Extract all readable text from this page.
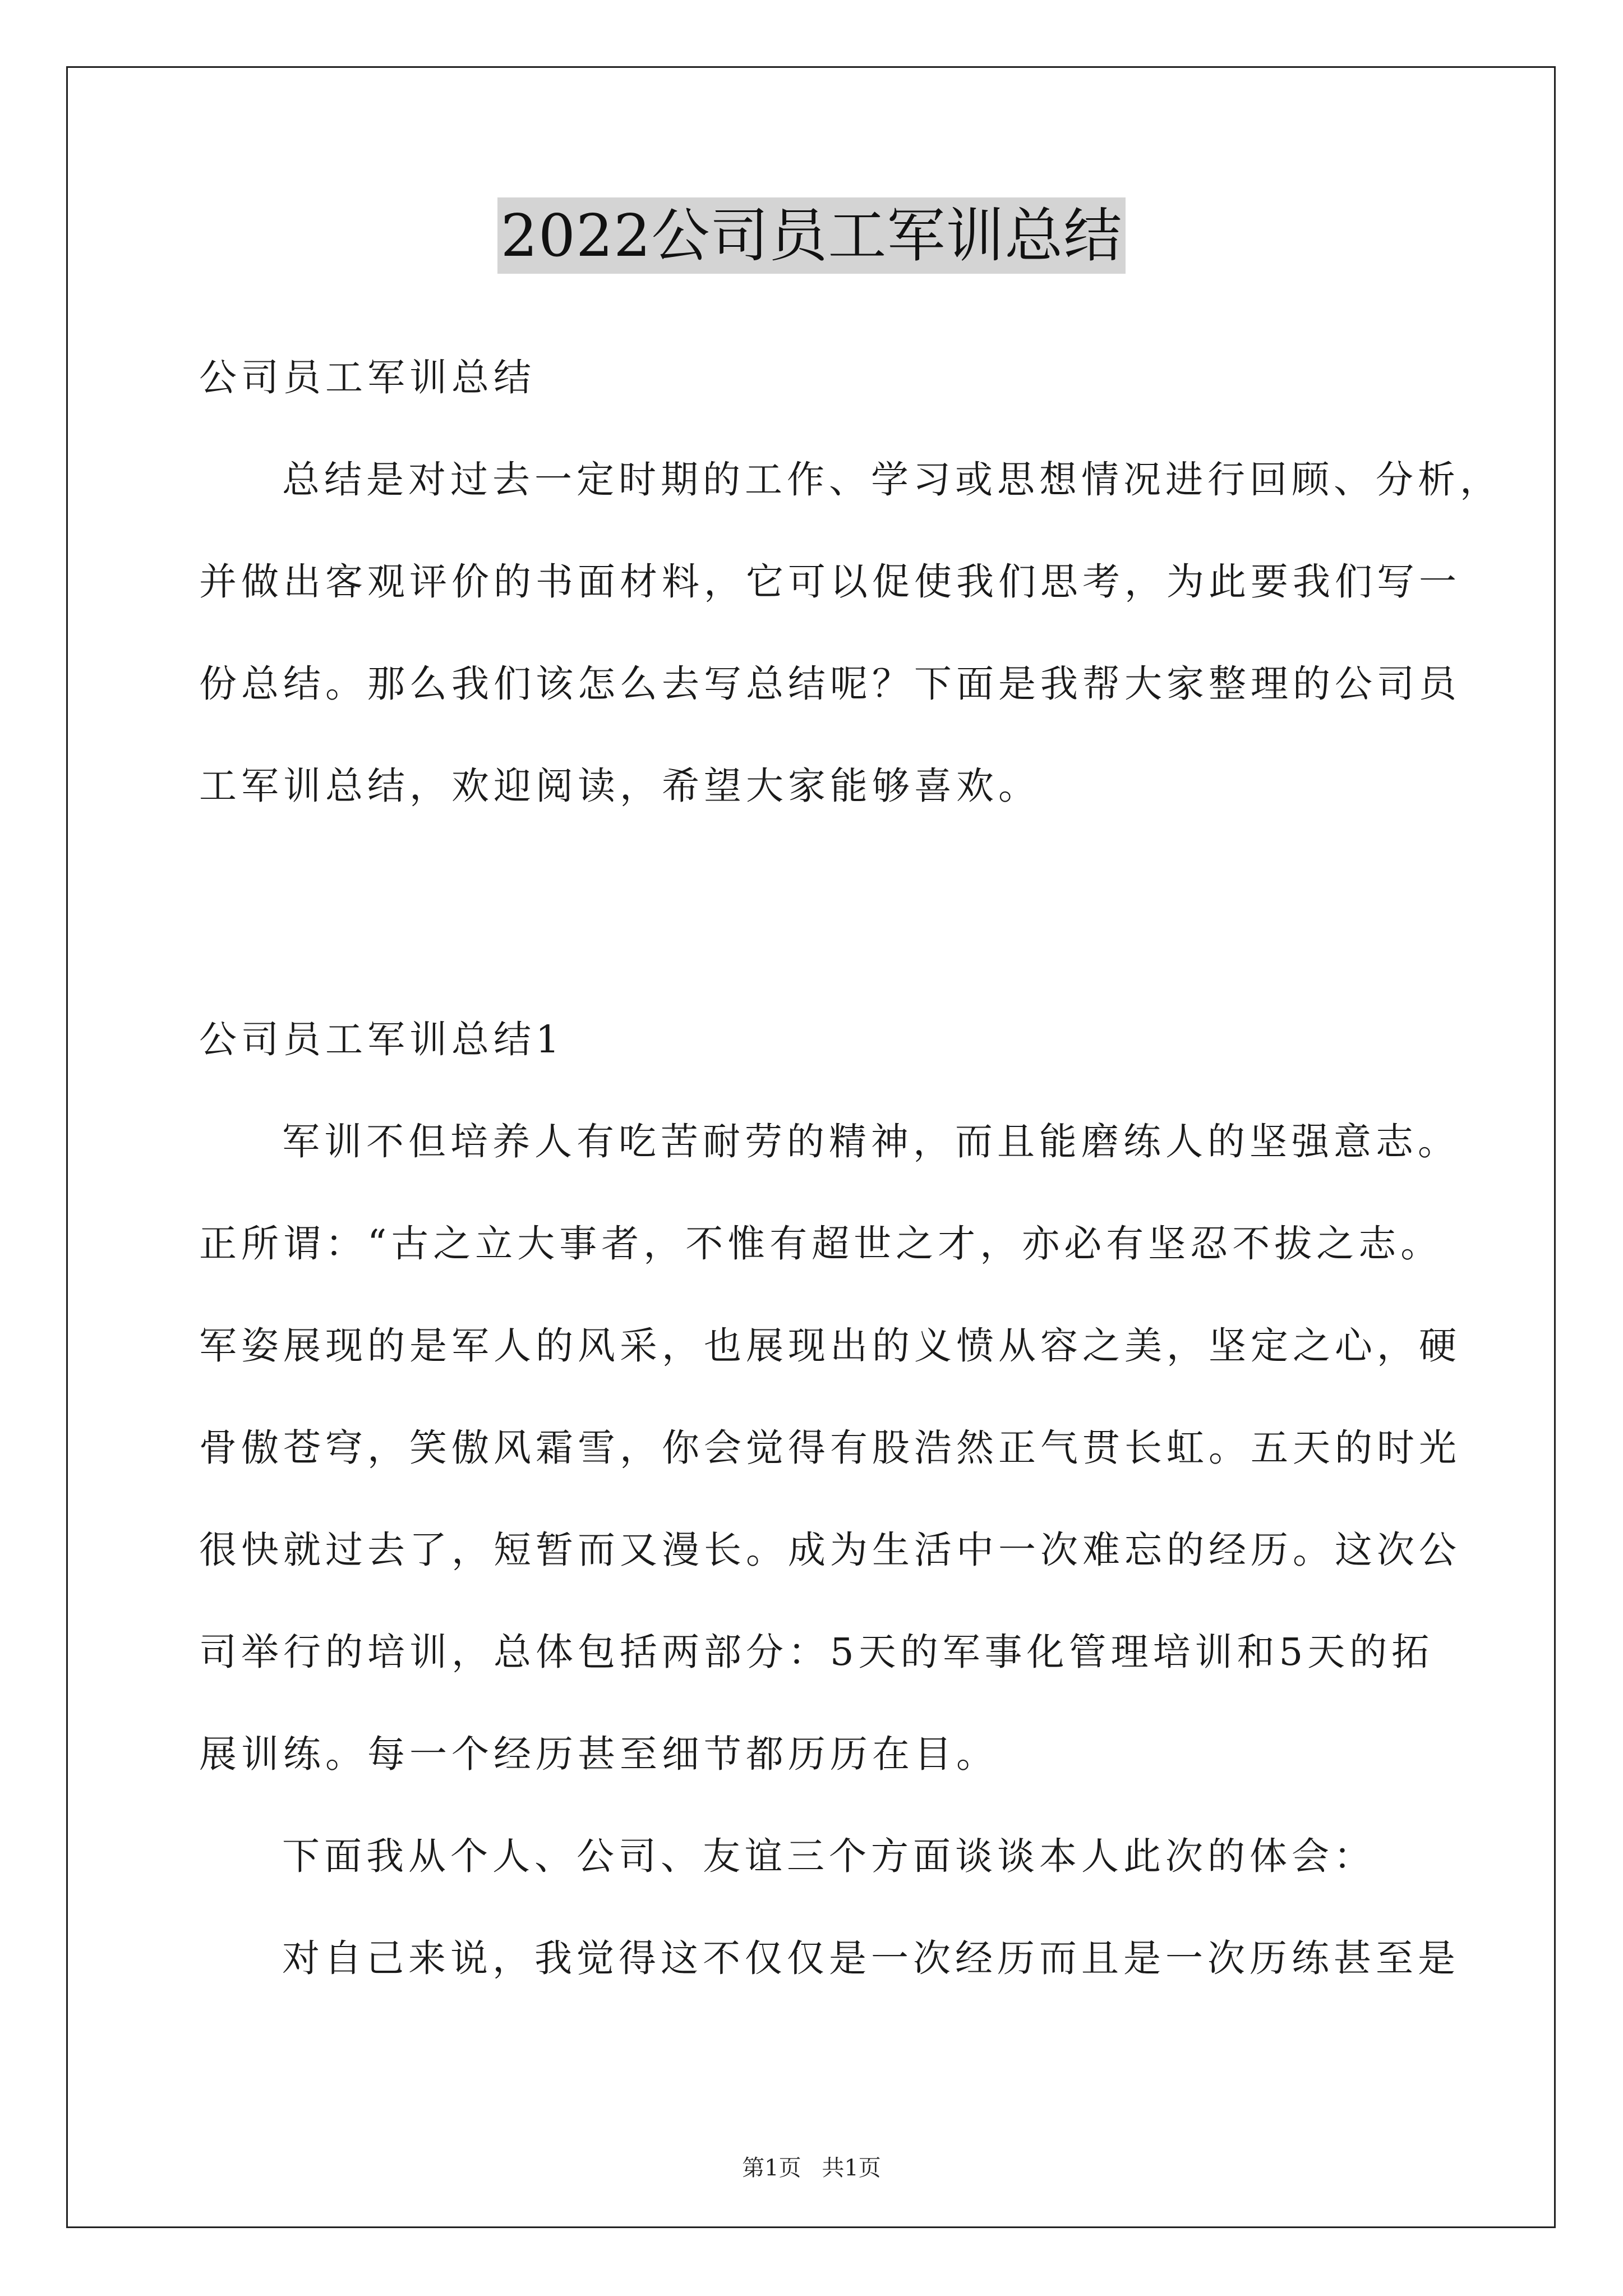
2022公司员工军训总结
公司员工军训总结
总结是对过去一定时期的工作、学习或思想情况进行回顾、分析，
并做出客观评价的书面材料，它可以促使我们思考，为此要我们写一
份总结。那么我们该怎么去写总结呢？下面是我帮大家整理的公司员
工军训总结，欢迎阅读，希望大家能够喜欢。
公司员工军训总结1
军训不但培养人有吃苦耐劳的精神，而且能磨练人的坚强意志。
正所谓：“古之立大事者，不惟有超世之才，亦必有坚忍不拔之志。
军姿展现的是军人的风采，也展现出的义愤从容之美，坚定之心，硬
骨傲苍穹，笑傲风霜雪，你会觉得有股浩然正气贯长虹。五天的时光
很快就过去了，短暂而又漫长。成为生活中一次难忘的经历。这次公
司举行的培训，总体包括两部分：5天的军事化管理培训和5天的拓
展训练。每一个经历甚至细节都历历在目。
下面我从个人、公司、友谊三个方面谈谈本人此次的体会：
对自己来说，我觉得这不仅仅是一次经历而且是一次历练甚至是
第1页 共1页
